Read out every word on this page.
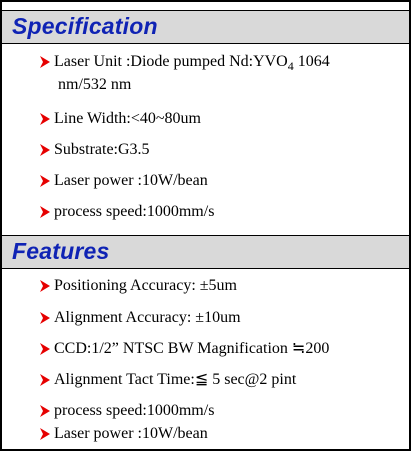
Specification
Laser Unit :Diode pumped $Nd:YVO_4$ 1064
nm/532 nm
Line Width:<40~80um
Substrate:G3.5
Laser power :10W/bean
process speed:1000mm/s
Features
Positioning Accuracy: ±5um
Alignment Accuracy: ±10um
CCD:1/2” NTSC BW Magnification ≒200
Alignment Tact Time:≦ 5 sec@2 pint
process speed:1000mm/s
Laser power :10W/bean
